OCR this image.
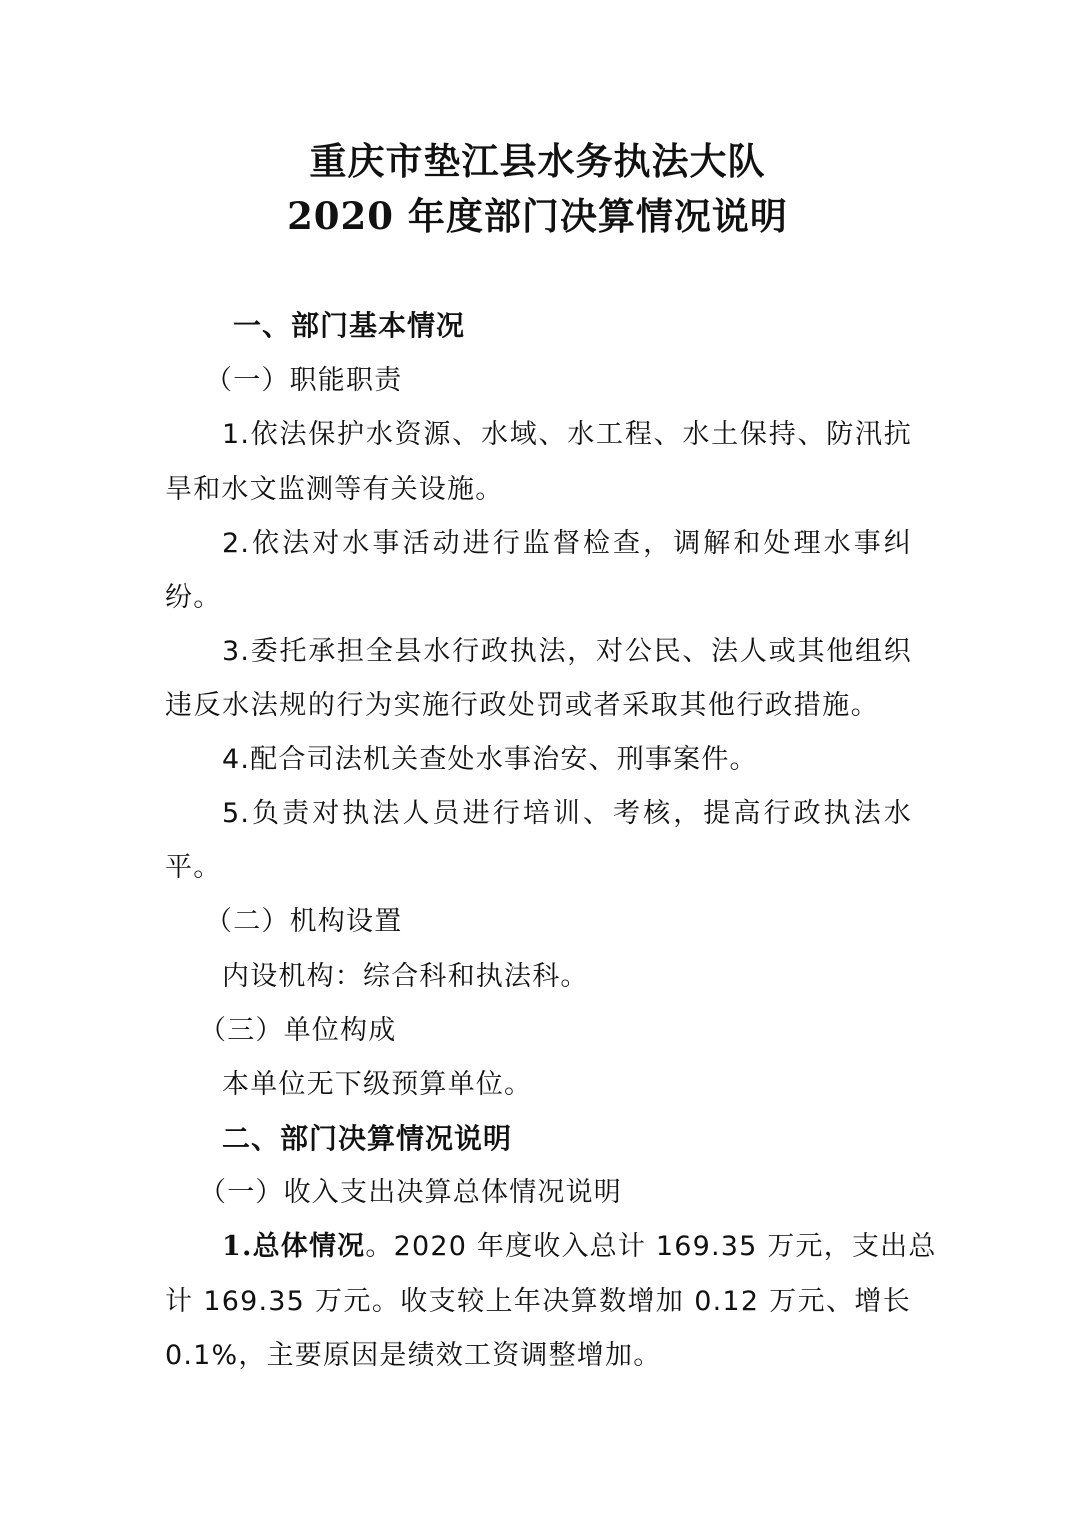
重庆市垫江县水务执法大队
2020 年度部门决算情况说明
一、部门基本情况
（一）职能职责
1.依法保护水资源、水域、水工程、水土保持、防汛抗
旱和水文监测等有关设施。
2.依法对水事活动进行监督检查，调解和处理水事纠
纷。
3.委托承担全县水行政执法，对公民、法人或其他组织
违反水法规的行为实施行政处罚或者采取其他行政措施。
4.配合司法机关查处水事治安、刑事案件。
5.负责对执法人员进行培训、考核，提高行政执法水
平。
（二）机构设置
内设机构：综合科和执法科。
（三）单位构成
本单位无下级预算单位。
二、部门决算情况说明
（一）收入支出决算总体情况说明
1.总体情况。2020 年度收入总计 169.35 万元，支出总
计 169.35 万元。收支较上年决算数增加 0.12 万元、增长
0.1%，主要原因是绩效工资调整增加。
